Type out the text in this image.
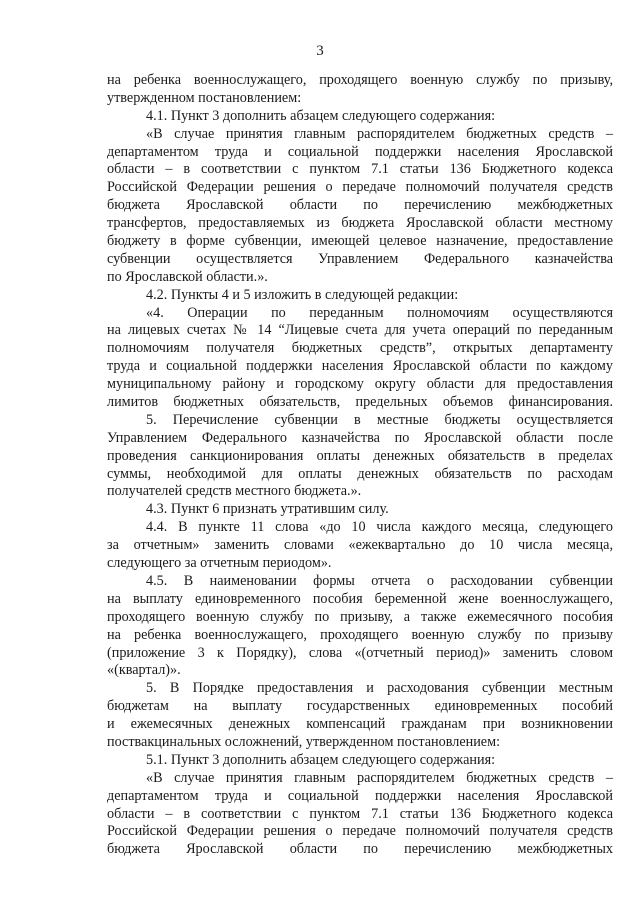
3
на ребенка военнослужащего, проходящего военную службу по призыву,
утвержденном постановлением:
4.1. Пункт 3 дополнить абзацем следующего содержания:
«В случае принятия главным распорядителем бюджетных средств –
департаментом труда и социальной поддержки населения Ярославской
области – в соответствии с пунктом 7.1 статьи 136 Бюджетного кодекса
Российской Федерации решения о передаче полномочий получателя средств
бюджета Ярославской области по перечислению межбюджетных
трансфертов, предоставляемых из бюджета Ярославской области местному
бюджету в форме субвенции, имеющей целевое назначение, предоставление
субвенции осуществляется Управлением Федерального казначейства
по Ярославской области.».
4.2. Пункты 4 и 5 изложить в следующей редакции:
«4. Операции по переданным полномочиям осуществляются
на лицевых счетах № 14 “Лицевые счета для учета операций по переданным
полномочиям получателя бюджетных средств”, открытых департаменту
труда и социальной поддержки населения Ярославской области по каждому
муниципальному району и городскому округу области для предоставления
лимитов бюджетных обязательств, предельных объемов финансирования.
5. Перечисление субвенции в местные бюджеты осуществляется
Управлением Федерального казначейства по Ярославской области после
проведения санкционирования оплаты денежных обязательств в пределах
суммы, необходимой для оплаты денежных обязательств по расходам
получателей средств местного бюджета.».
4.3. Пункт 6 признать утратившим силу.
4.4. В пункте 11 слова «до 10 числа каждого месяца, следующего
за отчетным» заменить словами «ежеквартально до 10 числа месяца,
следующего за отчетным периодом».
4.5. В наименовании формы отчета о расходовании субвенции
на выплату единовременного пособия беременной жене военнослужащего,
проходящего военную службу по призыву, а также ежемесячного пособия
на ребенка военнослужащего, проходящего военную службу по призыву
(приложение 3 к Порядку), слова «(отчетный период)» заменить словом
«(квартал)».
5. В Порядке предоставления и расходования субвенции местным
бюджетам на выплату государственных единовременных пособий
и ежемесячных денежных компенсаций гражданам при возникновении
поствакцинальных осложнений, утвержденном постановлением:
5.1. Пункт 3 дополнить абзацем следующего содержания:
«В случае принятия главным распорядителем бюджетных средств –
департаментом труда и социальной поддержки населения Ярославской
области – в соответствии с пунктом 7.1 статьи 136 Бюджетного кодекса
Российской Федерации решения о передаче полномочий получателя средств
бюджета Ярославской области по перечислению межбюджетных
